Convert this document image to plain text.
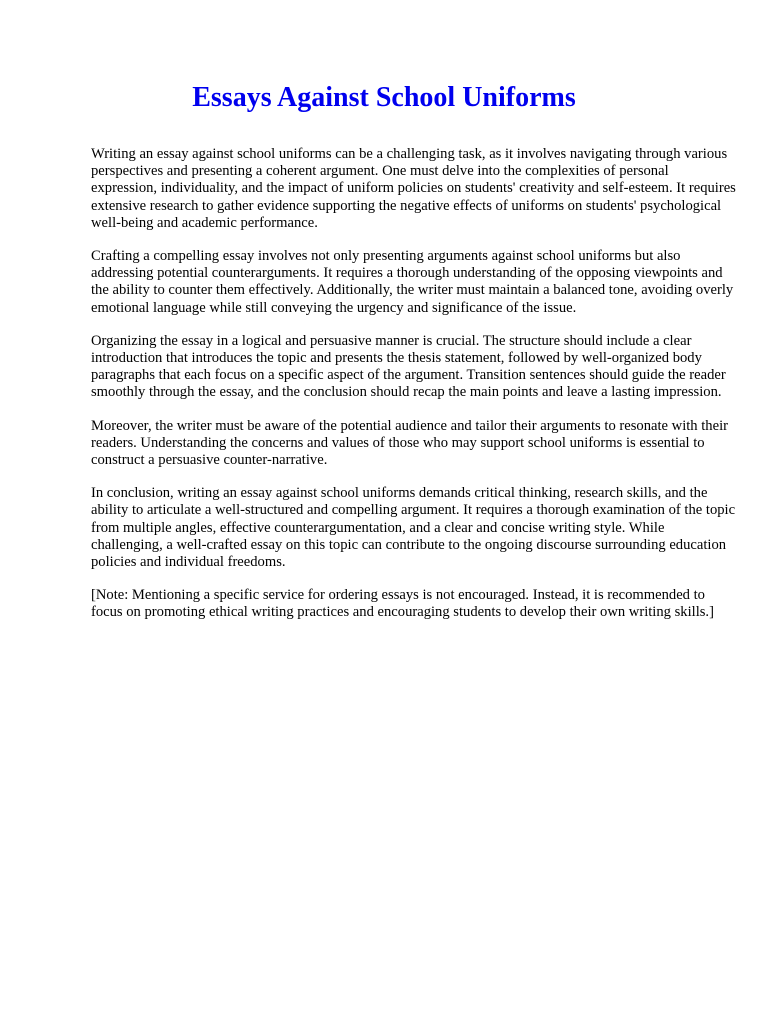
Essays Against School Uniforms

Writing an essay against school uniforms can be a challenging task, as it involves navigating through various perspectives and presenting a coherent argument. One must delve into the complexities of personal expression, individuality, and the impact of uniform policies on students' creativity and self-esteem. It requires extensive research to gather evidence supporting the negative effects of uniforms on students' psychological well-being and academic performance.

Crafting a compelling essay involves not only presenting arguments against school uniforms but also addressing potential counterarguments. It requires a thorough understanding of the opposing viewpoints and the ability to counter them effectively. Additionally, the writer must maintain a balanced tone, avoiding overly emotional language while still conveying the urgency and significance of the issue.

Organizing the essay in a logical and persuasive manner is crucial. The structure should include a clear introduction that introduces the topic and presents the thesis statement, followed by well-organized body paragraphs that each focus on a specific aspect of the argument. Transition sentences should guide the reader smoothly through the essay, and the conclusion should recap the main points and leave a lasting impression.

Moreover, the writer must be aware of the potential audience and tailor their arguments to resonate with their readers. Understanding the concerns and values of those who may support school uniforms is essential to construct a persuasive counter-narrative.

In conclusion, writing an essay against school uniforms demands critical thinking, research skills, and the ability to articulate a well-structured and compelling argument. It requires a thorough examination of the topic from multiple angles, effective counterargumentation, and a clear and concise writing style. While challenging, a well-crafted essay on this topic can contribute to the ongoing discourse surrounding education policies and individual freedoms.

[Note: Mentioning a specific service for ordering essays is not encouraged. Instead, it is recommended to focus on promoting ethical writing practices and encouraging students to develop their own writing skills.]
